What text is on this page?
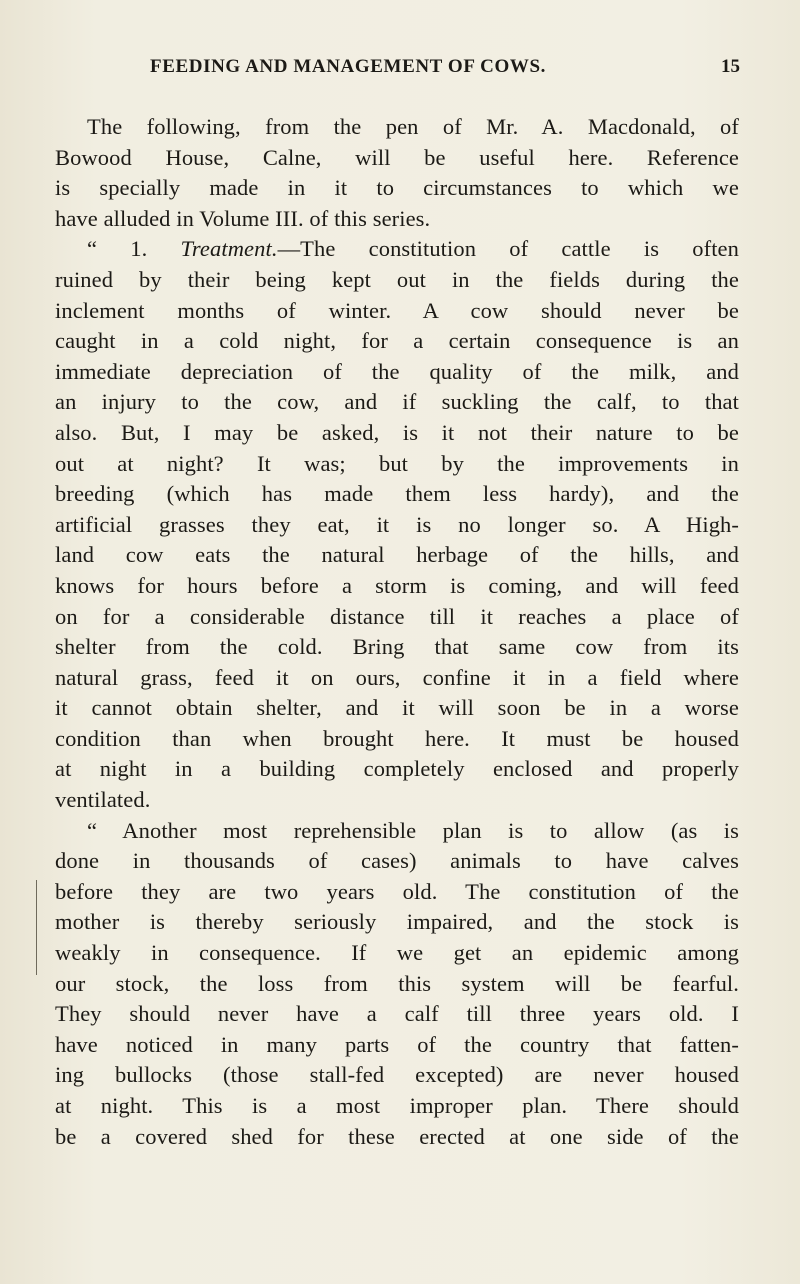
FEEDING AND MANAGEMENT OF COWS.	15
The following, from the pen of Mr. A. Macdonald, of
Bowood House, Calne, will be useful here. Reference
is specially made in it to circumstances to which we
have alluded in Volume III. of this series.
“ 1. Treatment.—The constitution of cattle is often
ruined by their being kept out in the fields during the
inclement months of winter. A cow should never be
caught in a cold night, for a certain consequence is an
immediate depreciation of the quality of the milk, and
an injury to the cow, and if suckling the calf, to that
also. But, I may be asked, is it not their nature to be
out at night? It was; but by the improvements in
breeding (which has made them less hardy), and the
artificial grasses they eat, it is no longer so. A High-
land cow eats the natural herbage of the hills, and
knows for hours before a storm is coming, and will feed
on for a considerable distance till it reaches a place of
shelter from the cold. Bring that same cow from its
natural grass, feed it on ours, confine it in a field where
it cannot obtain shelter, and it will soon be in a worse
condition than when brought here. It must be housed
at night in a building completely enclosed and properly
ventilated.
“ Another most reprehensible plan is to allow (as is
done in thousands of cases) animals to have calves
before they are two years old. The constitution of the
mother is thereby seriously impaired, and the stock is
weakly in consequence. If we get an epidemic among
our stock, the loss from this system will be fearful.
They should never have a calf till three years old. I
have noticed in many parts of the country that fatten-
ing bullocks (those stall-fed excepted) are never housed
at night. This is a most improper plan. There should
be a covered shed for these erected at one side of the
